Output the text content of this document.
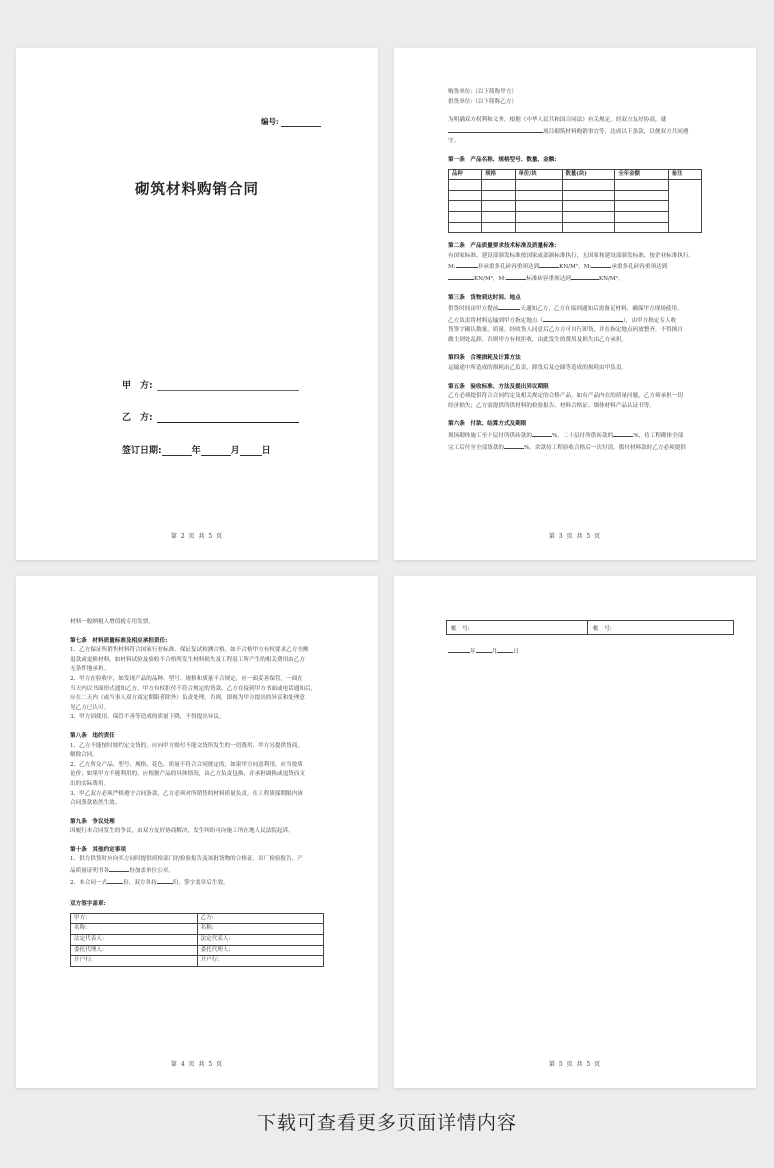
编号:
砌筑材料购销合同
甲　方:
乙　方:
签订日期:	年	月 日

第 2 页 共 5 页

购货单位:（以下简称甲方）

供货单位:（以下简称乙方）

为明确双方权利和义务，根据《中华人民共和国合同法》有关规定，经双方友好协商，就

项目砌筑材料购销事宜等，达成以下条款，以便双方共同遵

守。

第一条　产品名称、规格型号、数量、金额:
品种	规格	单价/块	数量(块)	全年金额	备注

第二条　产品质量要求技术标准及质量标准:

有国家标准、建设部颁发标准按国家或部颁标准执行，无国家和建设部颁发标准，按企业标准执行。

M:	非承重多孔砖容重须达到	KN/M³，M:	承重多孔砖容重须达到

KN/M³，M:	标准砖容重须达到	KN/M³。

第三条　货物到达时间、地点

供货时间由甲方提前	天通知乙方，乙方在接到通知后需备足材料，确保甲方现场使用。

乙方负责将材料运输到甲方指定地点（	），由甲方指定专人收

货签字确认数量、质量，经收货人同意后乙方方可自行卸货，并在指定地点码放整齐，不得擅自

做主到处乱卸，否则甲方有权拒收，由此发生的费用及损失由乙方承担。

第四条　合理损耗及计算方法

运输途中所造成的损耗由乙负责，卸货后及仓储等造成的损耗由甲负责。

第五条　验收标准、方法及提出异议期限

乙方必须提供符合合同约定及相关规定的合格产品，如有产品内在的质量问题，乙方须承担一切

经济损失；乙方需提供所供材料的检验报告、材料合格证、墙体材料产品认证书等。

第六条　付款、结算方式及期限

现场砌体施工至十层付所供砖款的	%，二十层付所供砖款的	%，待工程砌体全部

完工后付至全部货款的	%，余款待工程验收合格后一次付清。拨付材料款时乙方必须提供

第 3 页 共 5 页

材料一般纳税人增值税专用发票。

第七条　材料质量标准及相应承担责任:

1、乙方保证所销售材料符合国家行业标准，保证复试检测合格，如不合格甲方有权要求乙方全额

退款或更换材料，如材料试验及验收不合格所发生材料损失及工程返工所产生的相关费用由乙方

无条件地承担。

2、甲方在验收中，如发现产品的品种、型号、规格和质量不合规定，应一面妥善保管，一面在

当天内以书面形式通知乙方，甲方有权拒付不符合规定的货款。乙方在接到甲方书面或电话通知后，

应在二天内（或当事人双方商定期限者除外）负责处理，否则，即视为甲方提出的异议和处理意

见乙方已认可。

3、甲方因使用、保管不善等造成的质量下降，不得提出异议。

第八条　违约责任

1、乙方不能按时按约定交货的，应向甲方赔付不能交货所发生的一切费用，甲方另提供货商，

解除合同。

2、乙方所交产品、型号、规格、花色、质量不符合合同规定的，如果甲方同意利用，应当按质

论价；如果甲方不能利用的，应根据产品的具体情况，由乙方负责包换，并承担调换或退货而支

出的实际费用。

3、甲乙双方必须严格遵守合同条款，乙方必须对所销售的材料质量负责，在工程质保期限内该

合同条款依然生效。

第九条　争议处理

因履行本合同发生的争议，由双方友好协商解决，发生纠纷可向施工所在地人民法院起诉。

第十条　其他约定事项

1、供方供货时应向买方同时提供质检部门的检验报告及该批货物的合格证、出厂检验报告、产

品质量证明书各	份加盖单位公章。

2、本合同一式	份，双方各持	份，签字盖章后生效。

双方签字盖章:
甲方:	乙方:
名称:	名称:
法定代表人:	法定代表人:
委托代理人:	委托代理人:
开户行:	开户行:
第 4 页 共 5 页
帐　号:	帐　号:
年	月	日
第 5 页 共 5 页
下载可查看更多页面详情内容
